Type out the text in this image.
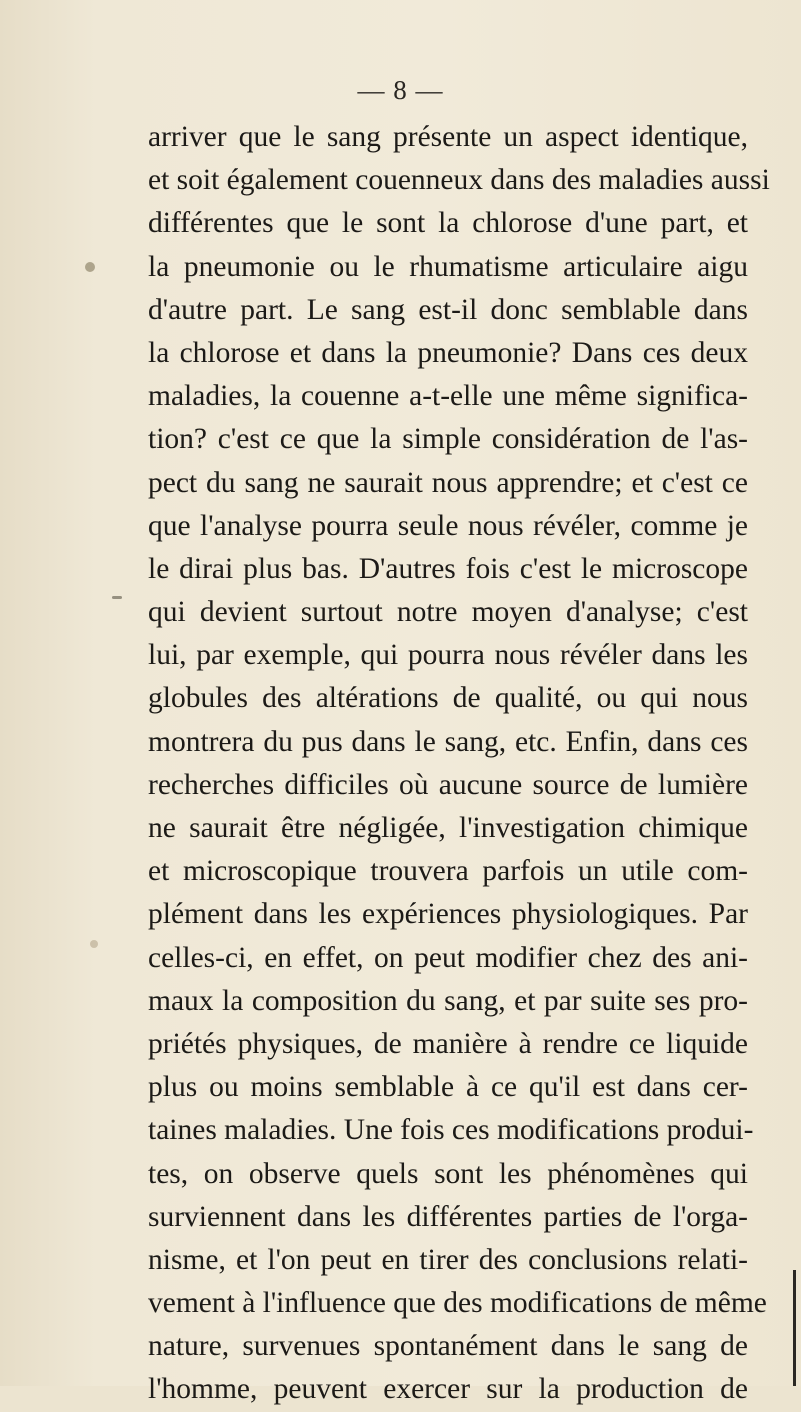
— 8 —
arriver que le sang présente un aspect identique,
et soit également couenneux dans des maladies aussi
différentes que le sont la chlorose d'une part, et
la pneumonie ou le rhumatisme articulaire aigu
d'autre part. Le sang est-il donc semblable dans
la chlorose et dans la pneumonie? Dans ces deux
maladies, la couenne a-t-elle une même significa-
tion? c'est ce que la simple considération de l'as-
pect du sang ne saurait nous apprendre; et c'est ce
que l'analyse pourra seule nous révéler, comme je
le dirai plus bas. D'autres fois c'est le microscope
qui devient surtout notre moyen d'analyse; c'est
lui, par exemple, qui pourra nous révéler dans les
globules des altérations de qualité, ou qui nous
montrera du pus dans le sang, etc. Enfin, dans ces
recherches difficiles où aucune source de lumière
ne saurait être négligée, l'investigation chimique
et microscopique trouvera parfois un utile com-
plément dans les expériences physiologiques. Par
celles-ci, en effet, on peut modifier chez des ani-
maux la composition du sang, et par suite ses pro-
priétés physiques, de manière à rendre ce liquide
plus ou moins semblable à ce qu'il est dans cer-
taines maladies. Une fois ces modifications produi-
tes, on observe quels sont les phénomènes qui
surviennent dans les différentes parties de l'orga-
nisme, et l'on peut en tirer des conclusions relati-
vement à l'influence que des modifications de même
nature, survenues spontanément dans le sang de
l'homme, peuvent exercer sur la production de
